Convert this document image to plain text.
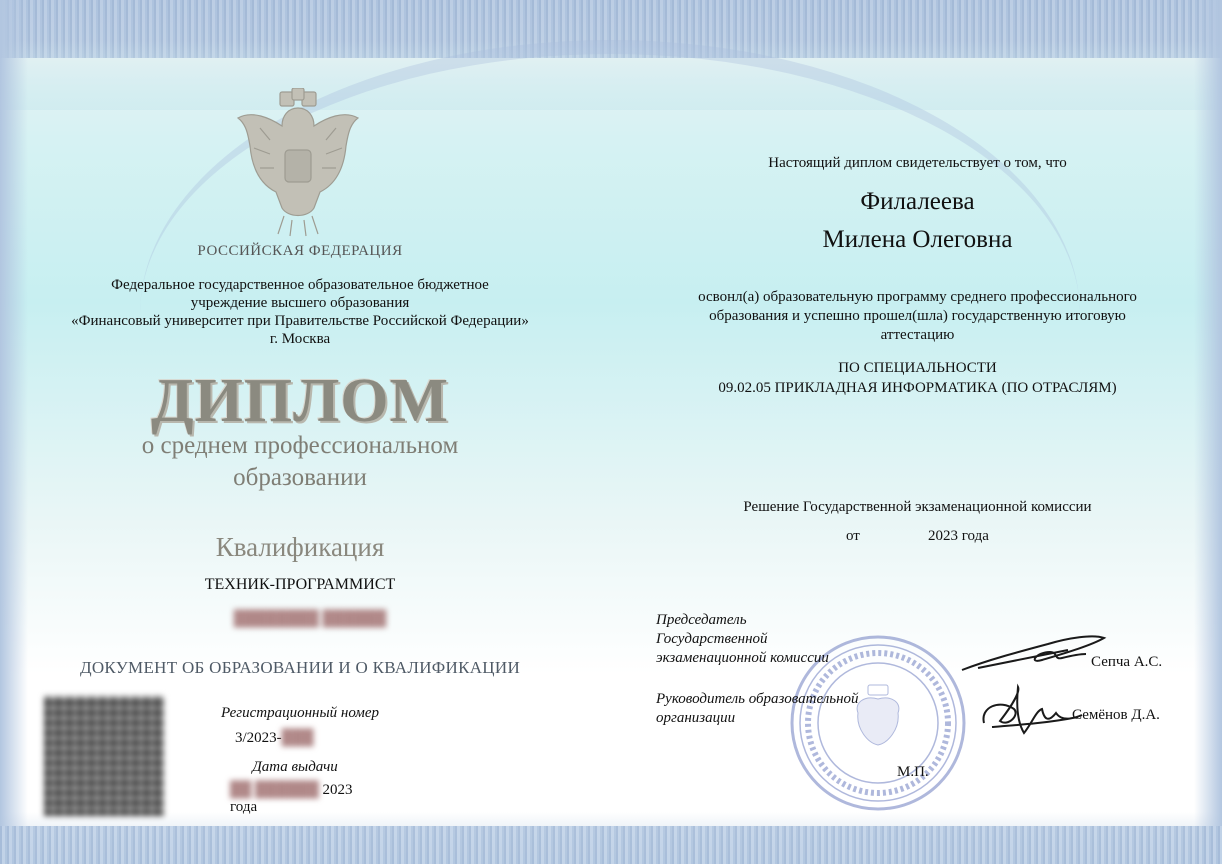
РОССИЙСКАЯ ФЕДЕРАЦИЯ
Федеральное государственное образовательное бюджетное
учреждение высшего образования
«Финансовый университет при Правительстве Российской Федерации»
г. Москва
ДИПЛОМ
о среднем профессиональном
образовании
Квалификация
ТЕХНИК-ПРОГРАММИСТ
████████ ██████
ДОКУМЕНТ ОБ ОБРАЗОВАНИИ И О КВАЛИФИКАЦИИ
Регистрационный номер
3/2023-███
Дата выдачи
██ ██████ 2023 года
Настоящий диплом свидетельствует о том, что
Филалеева
Милена Олеговна
освонл(а) образовательную программу среднего профессионального
образования и успешно прошел(шла) государственную итоговую
аттестацию
ПО СПЕЦИАЛЬНОСТИ
09.02.05 ПРИКЛАДНАЯ ИНФОРМАТИКА (ПО ОТРАСЛЯМ)
Решение Государственной экзаменационной комиссии
от	2023 года
Председатель
Государственной
экзаменационной комиссии	Сепча А.С.
Руководитель образовательной
организации	Семёнов Д.А.
М.П.
